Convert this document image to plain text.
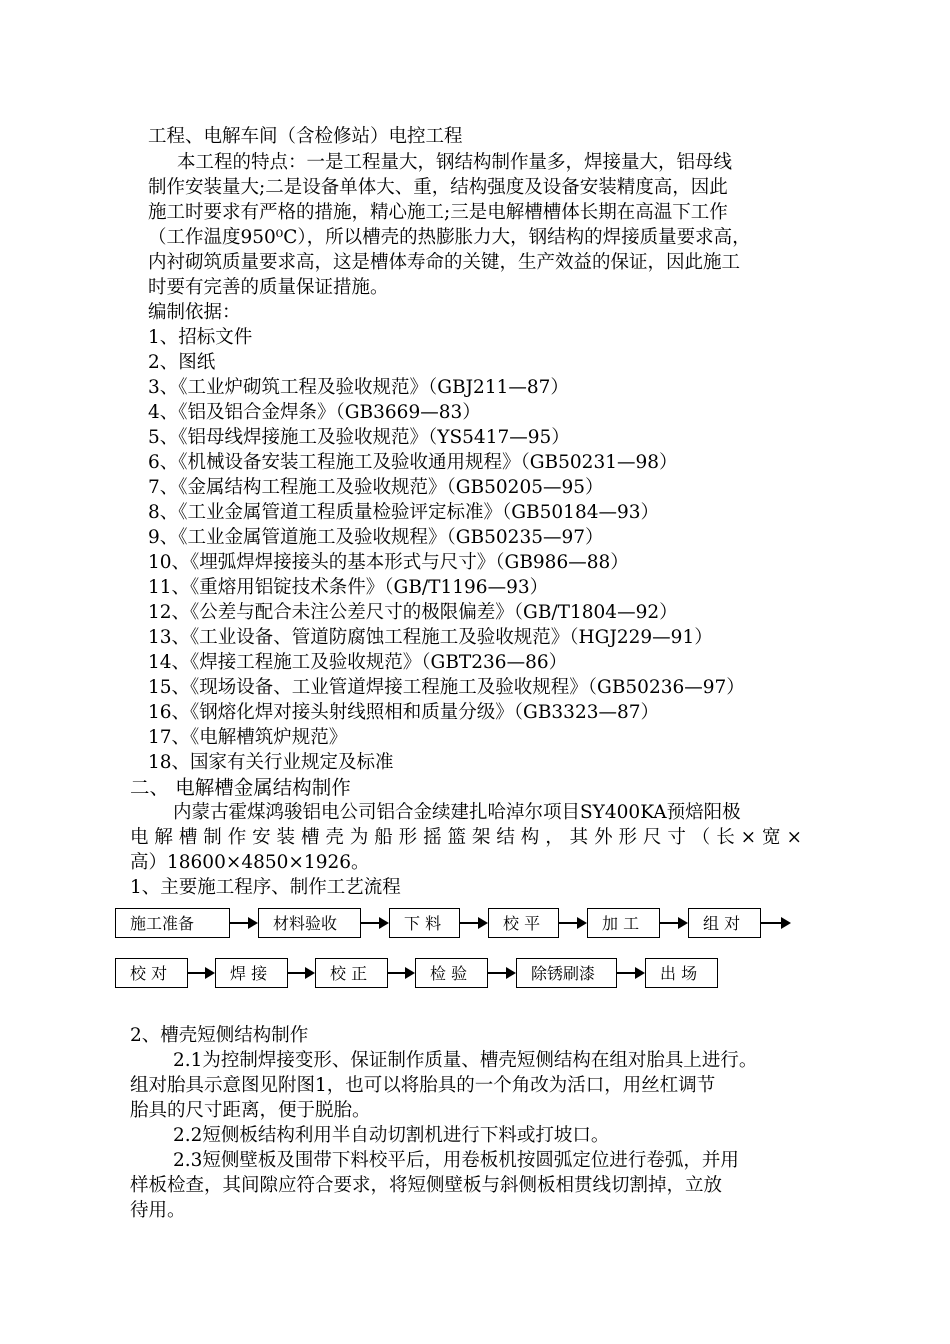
工程、电解车间（含检修站）电控工程
本工程的特点：一是工程量大，钢结构制作量多，焊接量大，铝母线
制作安装量大;二是设备单体大、重，结构强度及设备安装精度高，因此
施工时要求有严格的措施，精心施工;三是电解槽槽体长期在高温下工作
（工作温度950⁰C），所以槽壳的热膨胀力大，钢结构的焊接质量要求高，
内衬砌筑质量要求高，这是槽体寿命的关键，生产效益的保证，因此施工
时要有完善的质量保证措施。
编制依据：
1、招标文件
2、图纸
3、《工业炉砌筑工程及验收规范》（GBJ211—87）
4、《铝及铝合金焊条》（GB3669—83）
5、《铝母线焊接施工及验收规范》（YS5417—95）
6、《机械设备安装工程施工及验收通用规程》（GB50231—98）
7、《金属结构工程施工及验收规范》（GB50205—95）
8、《工业金属管道工程质量检验评定标准》（GB50184—93）
9、《工业金属管道施工及验收规程》（GB50235—97）
10、《埋弧焊焊接接头的基本形式与尺寸》（GB986—88）
11、《重熔用铝锭技术条件》（GB/T1196—93）
12、《公差与配合未注公差尺寸的极限偏差》（GB/T1804—92）
13、《工业设备、管道防腐蚀工程施工及验收规范》（HGJ229—91）
14、《焊接工程施工及验收规范》（GBT236—86）
15、《现场设备、工业管道焊接工程施工及验收规程》（GB50236—97）
16、《钢熔化焊对接头射线照相和质量分级》（GB3323—87）
17、《电解槽筑炉规范》
18、国家有关行业规定及标准
二、 电解槽金属结构制作
内蒙古霍煤鸿骏铝电公司铝合金续建扎哈淖尔项目SY400KA预焙阳极
电解槽制作安装槽壳为船形摇篮架结构，其外形尺寸（长×宽×
高）18600×4850×1926。
1、主要施工程序、制作工艺流程
施工准备	材料验收	下 料	校 平	加 工	组 对
校 对	焊 接	校 正	检 验	除锈刷漆	出 场
2、槽壳短侧结构制作
2.1为控制焊接变形、保证制作质量、槽壳短侧结构在组对胎具上进行。
组对胎具示意图见附图1，也可以将胎具的一个角改为活口，用丝杠调节
胎具的尺寸距离，便于脱胎。
2.2短侧板结构利用半自动切割机进行下料或打坡口。
2.3短侧壁板及围带下料校平后，用卷板机按圆弧定位进行卷弧，并用
样板检查，其间隙应符合要求，将短侧壁板与斜侧板相贯线切割掉，立放
待用。
